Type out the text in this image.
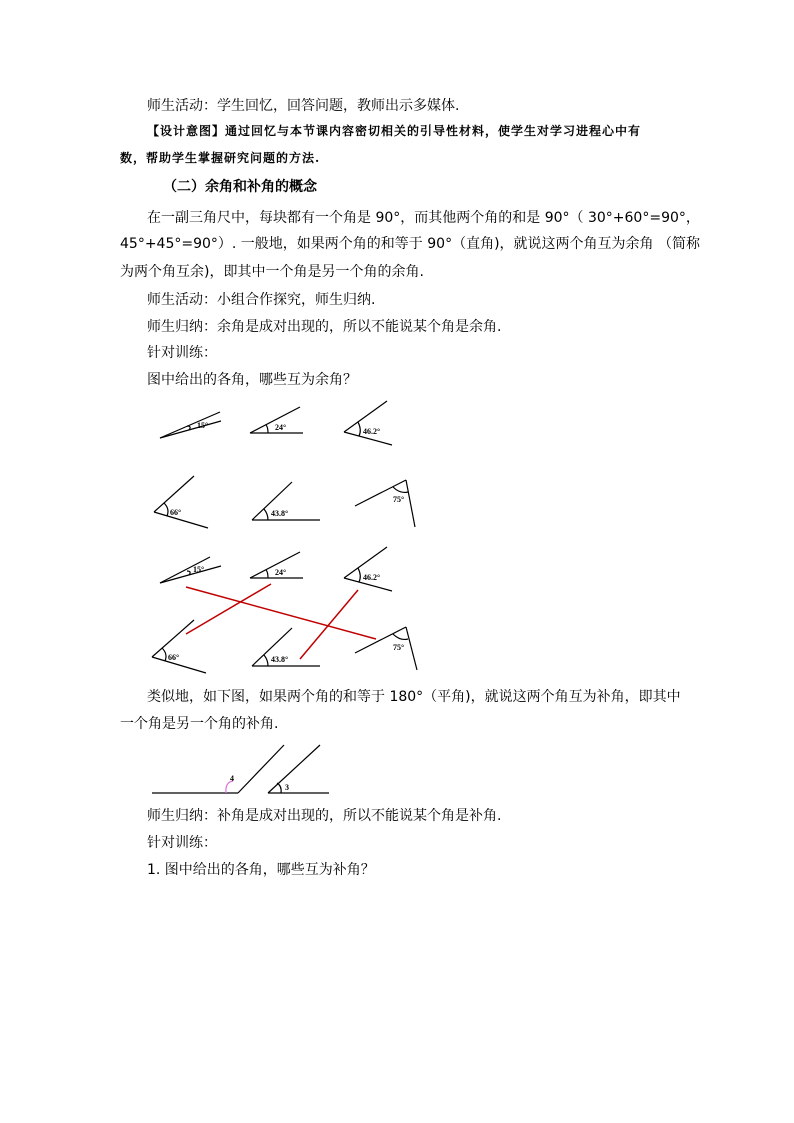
师生活动：学生回忆，回答问题，教师出示多媒体.
【设计意图】通过回忆与本节课内容密切相关的引导性材料，使学生对学习进程心中有
数，帮助学生掌握研究问题的方法.
（二）余角和补角的概念
在一副三角尺中，每块都有一个角是 90°，而其他两个角的和是 90°（ 30°+60°=90°，
45°+45°=90°）. 一般地，如果两个角的和等于 90°（直角)，就说这两个角互为余角 （简称
为两个角互余)，即其中一个角是另一个角的余角.
师生活动：小组合作探究，师生归纳.
师生归纳：余角是成对出现的，所以不能说某个角是余角.
针对训练：
图中给出的各角，哪些互为余角？
15°	24°	46.2°
66°	43.8°
75°
15°	24°
46.2°
66°	43.8°
75°
4
3
类似地，如下图，如果两个角的和等于 180°（平角)，就说这两个角互为补角，即其中
一个角是另一个角的补角.
师生归纳：补角是成对出现的，所以不能说某个角是补角.
针对训练：
1. 图中给出的各角，哪些互为补角？
